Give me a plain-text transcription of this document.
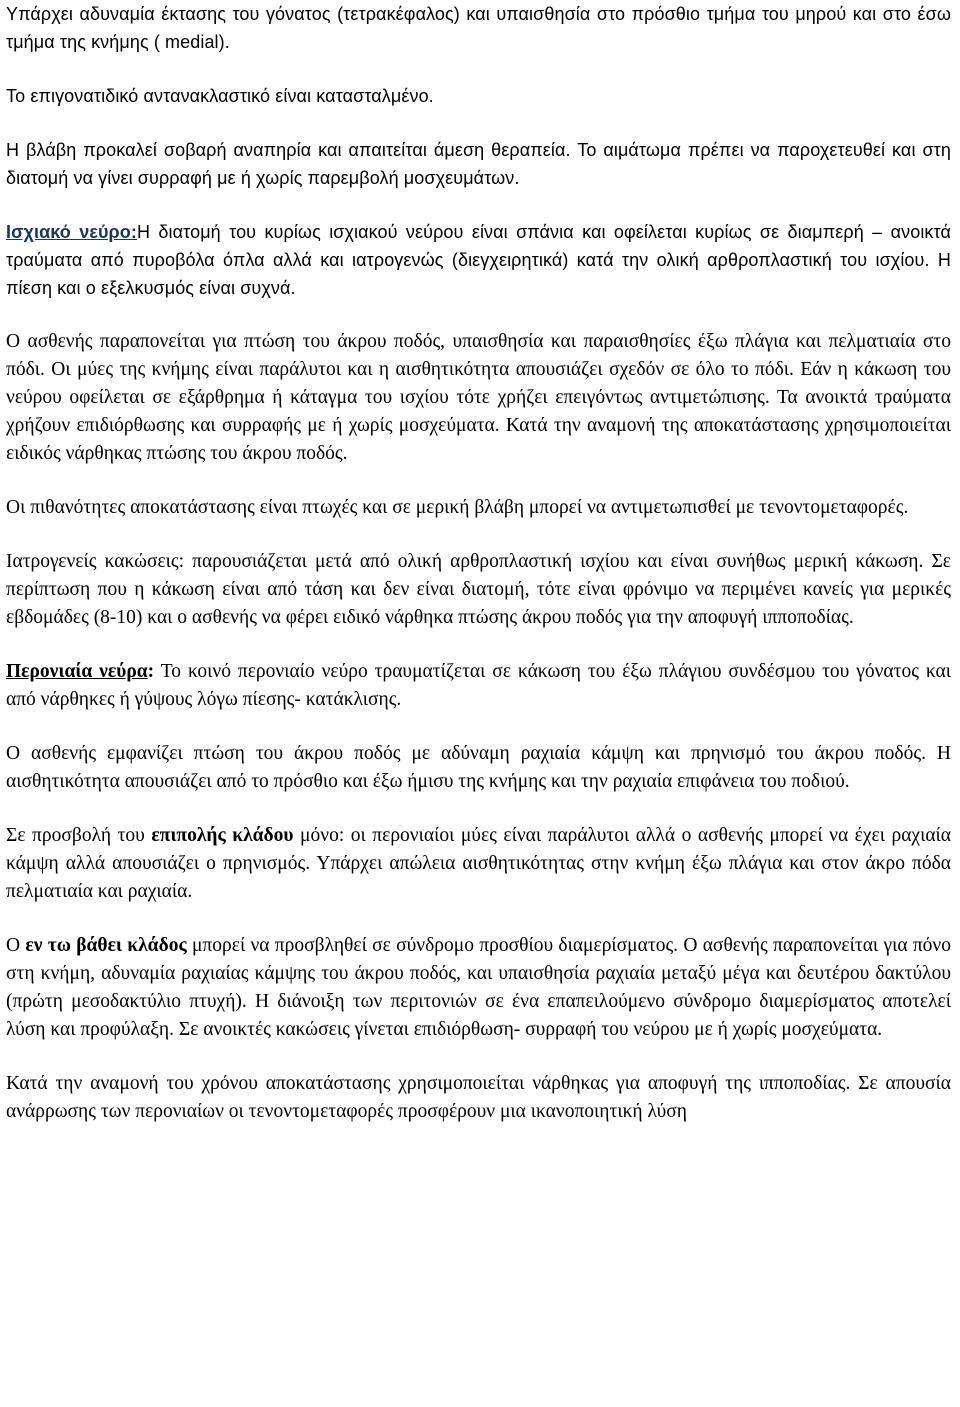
Υπάρχει αδυναμία έκτασης του γόνατος (τετρακέφαλος) και υπαισθησία στο πρόσθιο τμήμα του μηρού και στο έσω τμήμα της κνήμης ( medial).

Το επιγονατιδικό αντανακλαστικό είναι κατασταλμένο.

Η βλάβη προκαλεί σοβαρή αναπηρία και απαιτείται άμεση θεραπεία. Το αιμάτωμα πρέπει να παροχετευθεί και στη διατομή να γίνει συρραφή με ή χωρίς παρεμβολή μοσχευμάτων.

Ισχιακό νεύρο:Η διατομή του κυρίως ισχιακού νεύρου είναι σπάνια και οφείλεται κυρίως σε διαμπερή – ανοικτά τραύματα από πυροβόλα όπλα αλλά και ιατρογενώς (διεγχειρητικά) κατά την ολική αρθροπλαστική του ισχίου. Η πίεση και ο εξελκυσμός είναι συχνά.

Ο ασθενής παραπονείται για πτώση του άκρου ποδός, υπαισθησία και παραισθησίες έξω πλάγια και πελματιαία στο πόδι. Οι μύες της κνήμης είναι παράλυτοι και η αισθητικότητα απουσιάζει σχεδόν σε όλο το πόδι. Εάν η κάκωση του νεύρου οφείλεται σε εξάρθρημα ή κάταγμα του ισχίου τότε χρήζει επειγόντως αντιμετώπισης. Τα ανοικτά τραύματα χρήζουν επιδιόρθωσης και συρραφής με ή χωρίς μοσχεύματα. Κατά την αναμονή της αποκατάστασης χρησιμοποιείται ειδικός νάρθηκας πτώσης του άκρου ποδός.

Οι πιθανότητες αποκατάστασης είναι πτωχές και σε μερική βλάβη μπορεί να αντιμετωπισθεί με τενοντομεταφορές.

Ιατρογενείς κακώσεις: παρουσιάζεται μετά από ολική αρθροπλαστική ισχίου και είναι συνήθως μερική κάκωση. Σε περίπτωση που η κάκωση είναι από τάση και δεν είναι διατομή, τότε είναι φρόνιμο να περιμένει κανείς για μερικές εβδομάδες (8-10) και ο ασθενής να φέρει ειδικό νάρθηκα πτώσης άκρου ποδός για την αποφυγή ιπποποδίας.

Περονιαία νεύρα: Το κοινό περονιαίο νεύρο τραυματίζεται σε κάκωση του έξω πλάγιου συνδέσμου του γόνατος και από νάρθηκες ή γύψους λόγω πίεσης- κατάκλισης.

Ο ασθενής εμφανίζει πτώση του άκρου ποδός με αδύναμη ραχιαία κάμψη και πρηνισμό του άκρου ποδός. Η αισθητικότητα απουσιάζει από το πρόσθιο και έξω ήμισυ της κνήμης και την ραχιαία επιφάνεια του ποδιού.

Σε προσβολή του επιπολής κλάδου μόνο: οι περονιαίοι μύες είναι παράλυτοι αλλά ο ασθενής μπορεί να έχει ραχιαία κάμψη αλλά απουσιάζει ο πρηνισμός. Υπάρχει απώλεια αισθητικότητας στην κνήμη έξω πλάγια και στον άκρο πόδα πελματιαία και ραχιαία.

Ο εν τω βάθει κλάδος μπορεί να προσβληθεί σε σύνδρομο προσθίου διαμερίσματος. Ο ασθενής παραπονείται για πόνο στη κνήμη, αδυναμία ραχιαίας κάμψης του άκρου ποδός, και υπαισθησία ραχιαία μεταξύ μέγα και δευτέρου δακτύλου (πρώτη μεσοδακτύλιο πτυχή). Η διάνοιξη των περιτονιών σε ένα επαπειλούμενο σύνδρομο διαμερίσματος αποτελεί λύση και προφύλαξη. Σε ανοικτές κακώσεις γίνεται επιδιόρθωση- συρραφή του νεύρου με ή χωρίς μοσχεύματα.

Κατά την αναμονή του χρόνου αποκατάστασης χρησιμοποιείται νάρθηκας για αποφυγή της ιπποποδίας. Σε απουσία ανάρρωσης των περονιαίων οι τενοντομεταφορές προσφέρουν μια ικανοποιητική λύση
